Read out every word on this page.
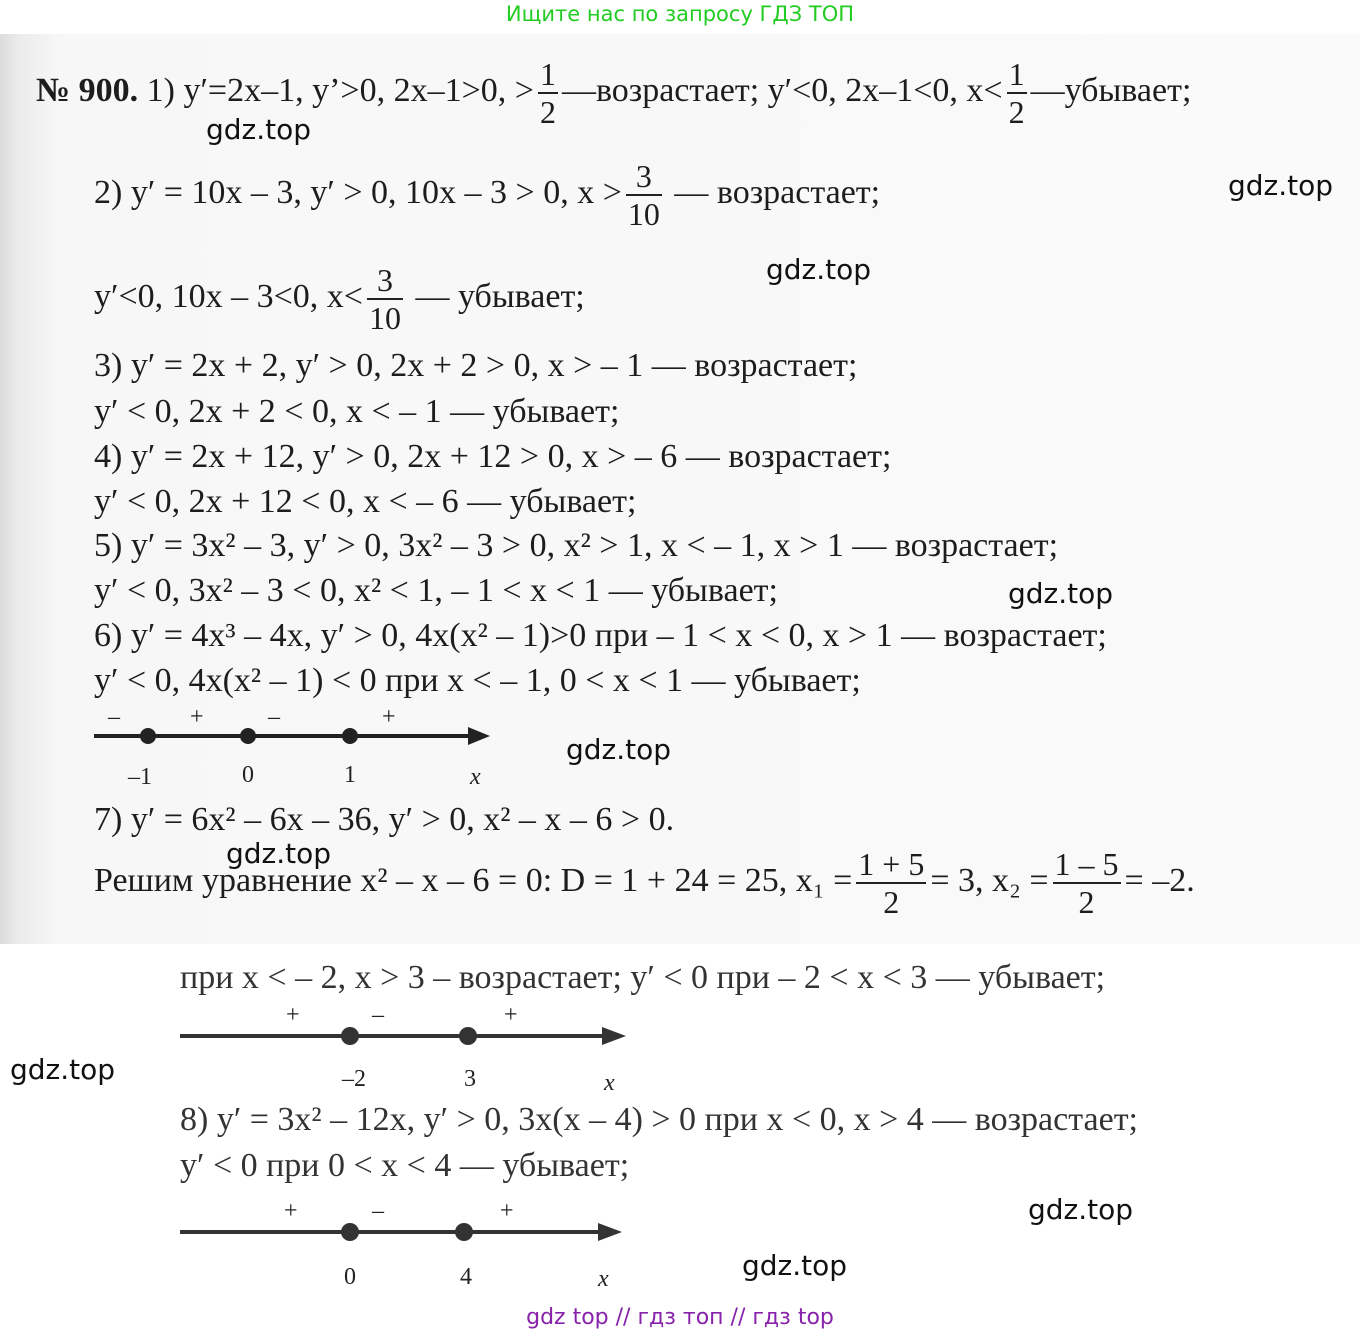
Ищите нас по запросу ГДЗ ТОП
№ 900. 1) y′=2x–1, y’>0, 2x–1>0, > $\frac{1}{2}$ —возрастает; y′<0, 2x–1<0, $x< \frac{1}{2}$ —убывает;
2) y′ = 10x – 3, y′ > 0, 10x – 3 > 0, $x > \frac{3}{10}$ — возрастает;
y′<0, 10x – 3<0, $x< \frac{3}{10}$ — убывает;
3) y′ = 2x + 2, y′ > 0, 2x + 2 > 0, x > – 1 — возрастает;
y′ < 0, 2x + 2 < 0, x < – 1 — убывает;
4) y′ = 2x + 12, y′ > 0, 2x + 12 > 0, x > – 6 — возрастает;
y′ < 0, 2x + 12 < 0, x < – 6 — убывает;
5) y′ = 3x² – 3, y′ > 0, 3x² – 3 > 0, x² > 1, x < – 1, x > 1 — возрастает;
y′ < 0, 3x² – 3 < 0, x² < 1, – 1 < x < 1 — убывает;
6) y′ = 4x³ – 4x, y′ > 0, 4x(x² – 1)>0 при – 1 < x < 0, x > 1 — возрастает;
y′ < 0, 4x(x² – 1) < 0 при x < – 1, 0 < x < 1 — убывает;
–	+	–	+
–1	0	1	x
7) y′ = 6x² – 6x – 36, y′ > 0, x² – x – 6 > 0.
Решим уравнение x² – x – 6 = 0: D = 1 + 24 = 25, $x_1 = \frac{1 + 5}{2} = 3$, $x_2 = \frac{1 - 5}{2} = -2$.
при x < – 2, x > 3 – возрастает; y′ < 0 при – 2 < x < 3 — убывает;
+	–	+
–2	3	x
8) y′ = 3x² – 12x, y′ > 0, 3x(x – 4) > 0 при x < 0, x > 4 — возрастает;
y′ < 0 при 0 < x < 4 — убывает;
+	–	+
0	4	x
gdz.top
gdz.top
gdz.top
gdz.top
gdz.top
gdz.top
gdz.top
gdz.top
gdz.top
gdz top // гдз топ // гдз top
